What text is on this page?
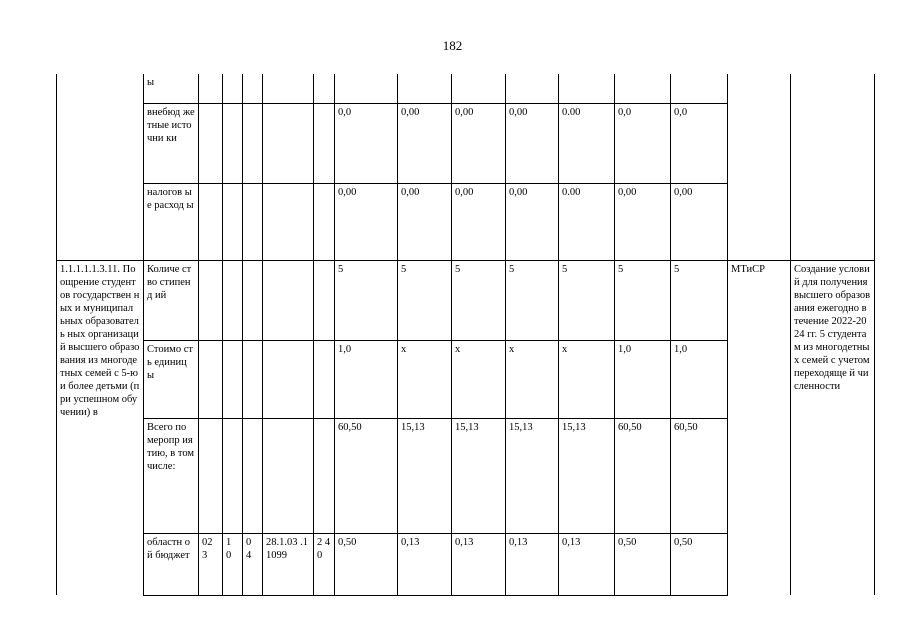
182
	ы														
	внебюд жетные источни ки						0,0	0,00	0,00	0,00	0.00	0,0	0,0		
	налогов ые расход ы						0,00	0,00	0,00	0,00	0.00	0,00	0,00		
1.1.1.1.1.3.11. Поощрение студентов государствен ных и муниципал ьных образователь ных организаций высшего образования из многодетных семей с 5-ю и более детьми (при успешном обучении) в	Количе ство стипенд ий						5	5	5	5	5	5	5	МТиСР	Создание условий для получения высшего образования ежегодно в течение 2022-2024 гг. 5 студентам из многодетны х семей с учетом переходяще й численности
	Стоимо сть единиц ы						1,0	х	х	х	х	1,0	1,0		
	Всего по меропр иятию, в том числе:						60,50	15,13	15,13	15,13	15,13	60,50	60,50		
	областн ой бюджет	02 3	1 0	0 4	28.1.03 .11099	2 4 0	0,50	0,13	0,13	0,13	0,13	0,50	0,50		
